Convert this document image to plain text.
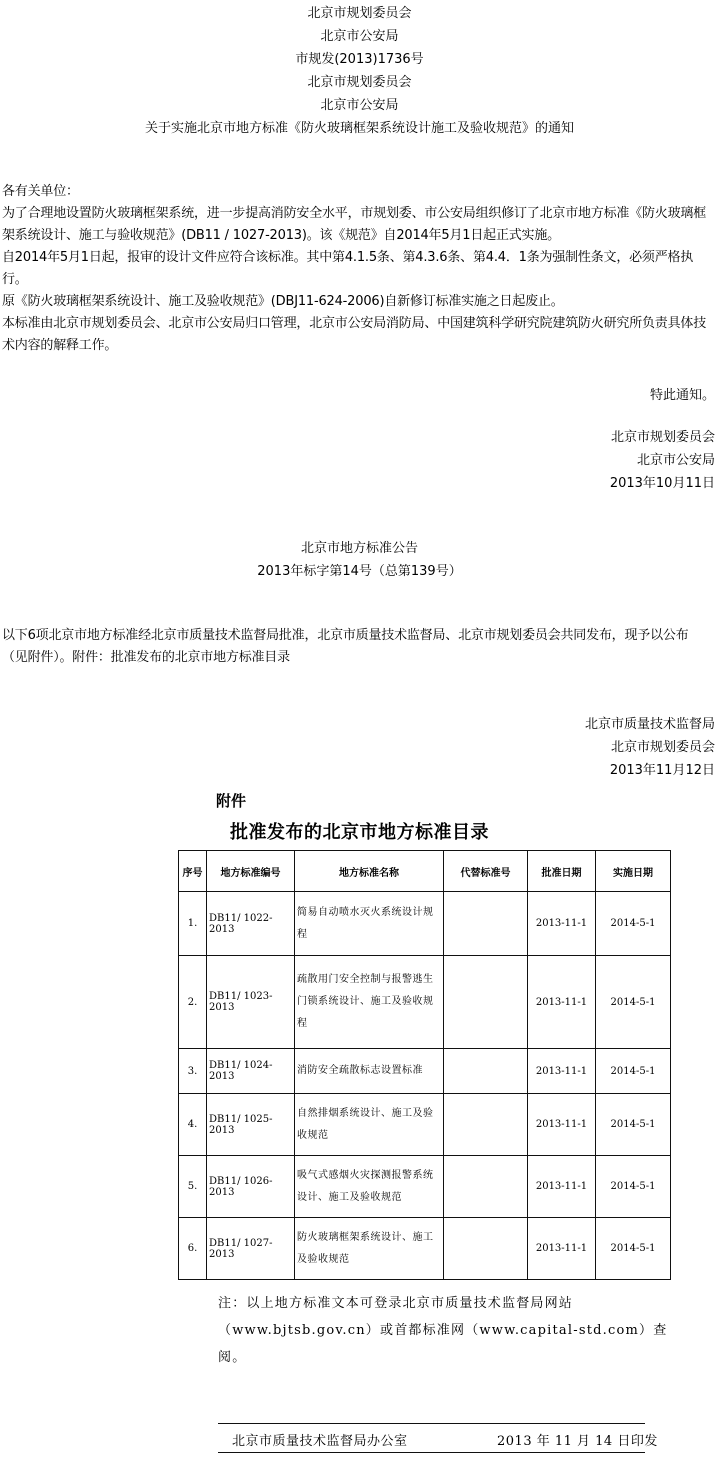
北京市规划委员会
北京市公安局
市规发(2013)1736号
北京市规划委员会
北京市公安局
关于实施北京市地方标准《防火玻璃框架系统设计施工及验收规范》的通知
各有关单位：
为了合理地设置防火玻璃框架系统，进一步提高消防安全水平，市规划委、市公安局组织修订了北京市地方标准《防火玻璃框架系统设计、施工与验收规范》(DB11 / 1027-2013)。该《规范》自2014年5月1日起正式实施。
自2014年5月1日起，报审的设计文件应符合该标准。其中第4.1.5条、第4.3.6条、第4.4．1条为强制性条文，必须严格执行。
原《防火玻璃框架系统设计、施工及验收规范》(DBJ11-624-2006)自新修订标准实施之日起废止。
本标准由北京市规划委员会、北京市公安局归口管理，北京市公安局消防局、中国建筑科学研究院建筑防火研究所负责具体技术内容的解释工作。
特此通知。
北京市规划委员会
北京市公安局
2013年10月11日
北京市地方标准公告
2013年标字第14号（总第139号）
以下6项北京市地方标准经北京市质量技术监督局批准，北京市质量技术监督局、北京市规划委员会共同发布，现予以公布（见附件）。附件：批准发布的北京市地方标准目录
北京市质量技术监督局
北京市规划委员会
2013年11月12日
附件
批准发布的北京市地方标准目录
序号	地方标准编号	地方标准名称	代替标准号	批准日期	实施日期
1.	DB11/ 1022-2013	简易自动喷水灭火系统设计规程		2013-11-1	2014-5-1
2.	DB11/ 1023-2013	疏散用门安全控制与报警逃生门锁系统设计、施工及验收规程		2013-11-1	2014-5-1
3.	DB11/ 1024-2013	消防安全疏散标志设置标准		2013-11-1	2014-5-1
4.	DB11/ 1025-2013	自然排烟系统设计、施工及验收规范		2013-11-1	2014-5-1
5.	DB11/ 1026-2013	吸气式感烟火灾探测报警系统设计、施工及验收规范		2013-11-1	2014-5-1
6.	DB11/ 1027-2013	防火玻璃框架系统设计、施工及验收规范		2013-11-1	2014-5-1
注：以上地方标准文本可登录北京市质量技术监督局网站
（www.bjtsb.gov.cn）或首都标准网（www.capital-std.com）查
阅。
北京市质量技术监督局办公室	2013 年 11 月 14 日印发
